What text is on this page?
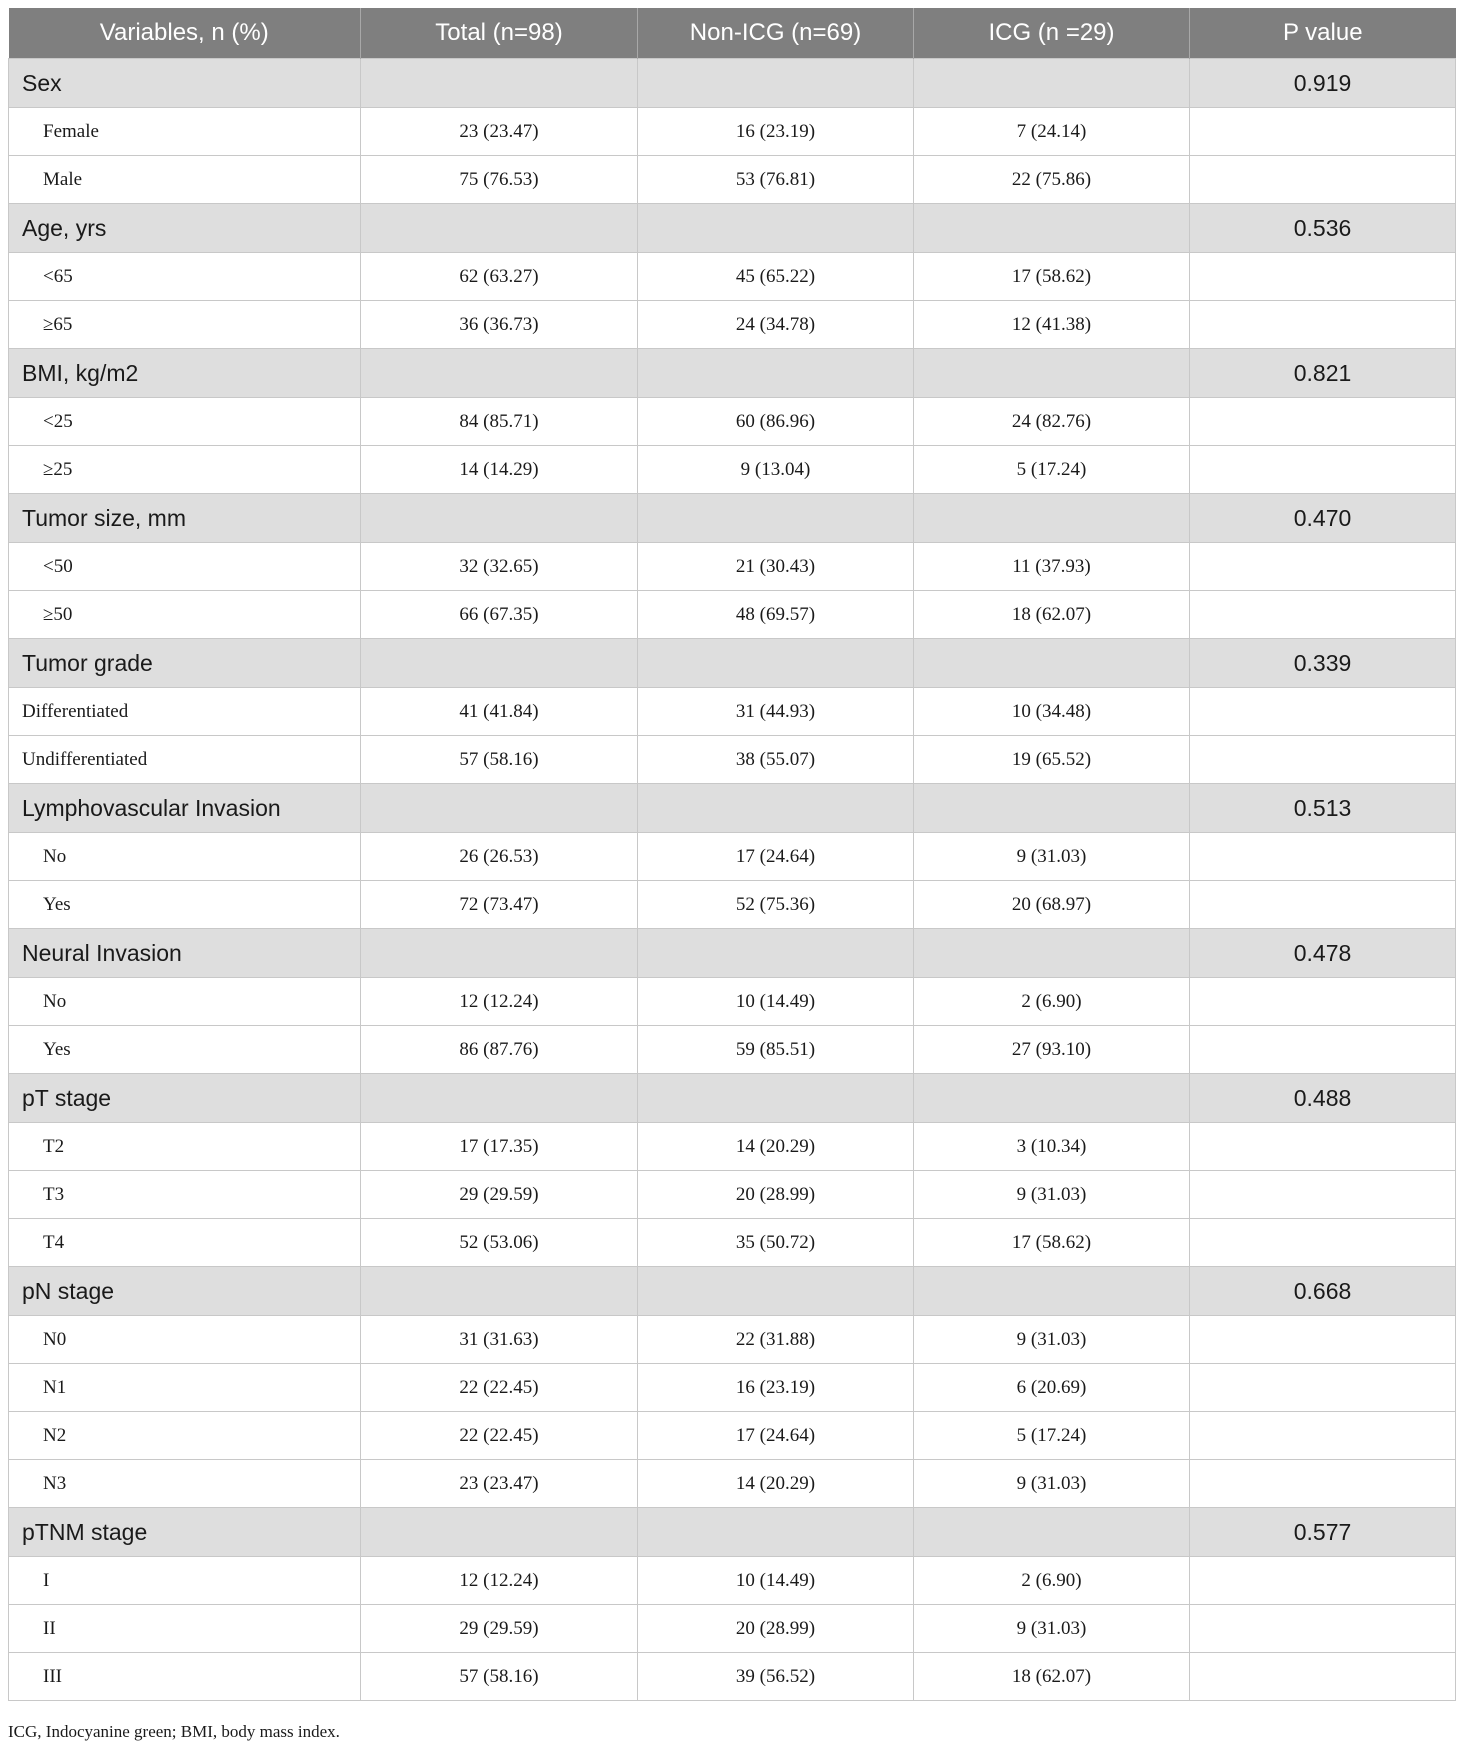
Variables, n (%)	Total (n=98)	Non-ICG (n=69)	ICG (n =29)	P value
Sex				0.919
Female	23 (23.47)	16 (23.19)	7 (24.14)	
Male	75 (76.53)	53 (76.81)	22 (75.86)	
Age, yrs				0.536
<65	62 (63.27)	45 (65.22)	17 (58.62)	
≥65	36 (36.73)	24 (34.78)	12 (41.38)	
BMI, kg/m2				0.821
<25	84 (85.71)	60 (86.96)	24 (82.76)	
≥25	14 (14.29)	9 (13.04)	5 (17.24)	
Tumor size, mm				0.470
<50	32 (32.65)	21 (30.43)	11 (37.93)	
≥50	66 (67.35)	48 (69.57)	18 (62.07)	
Tumor grade				0.339
Differentiated	41 (41.84)	31 (44.93)	10 (34.48)	
Undifferentiated	57 (58.16)	38 (55.07)	19 (65.52)	
Lymphovascular Invasion				0.513
No	26 (26.53)	17 (24.64)	9 (31.03)	
Yes	72 (73.47)	52 (75.36)	20 (68.97)	
Neural Invasion				0.478
No	12 (12.24)	10 (14.49)	2 (6.90)	
Yes	86 (87.76)	59 (85.51)	27 (93.10)	
pT stage				0.488
T2	17 (17.35)	14 (20.29)	3 (10.34)	
T3	29 (29.59)	20 (28.99)	9 (31.03)	
T4	52 (53.06)	35 (50.72)	17 (58.62)	
pN stage				0.668
N0	31 (31.63)	22 (31.88)	9 (31.03)	
N1	22 (22.45)	16 (23.19)	6 (20.69)	
N2	22 (22.45)	17 (24.64)	5 (17.24)	
N3	23 (23.47)	14 (20.29)	9 (31.03)	
pTNM stage				0.577
I	12 (12.24)	10 (14.49)	2 (6.90)	
II	29 (29.59)	20 (28.99)	9 (31.03)	
III	57 (58.16)	39 (56.52)	18 (62.07)	
ICG, Indocyanine green; BMI, body mass index.
